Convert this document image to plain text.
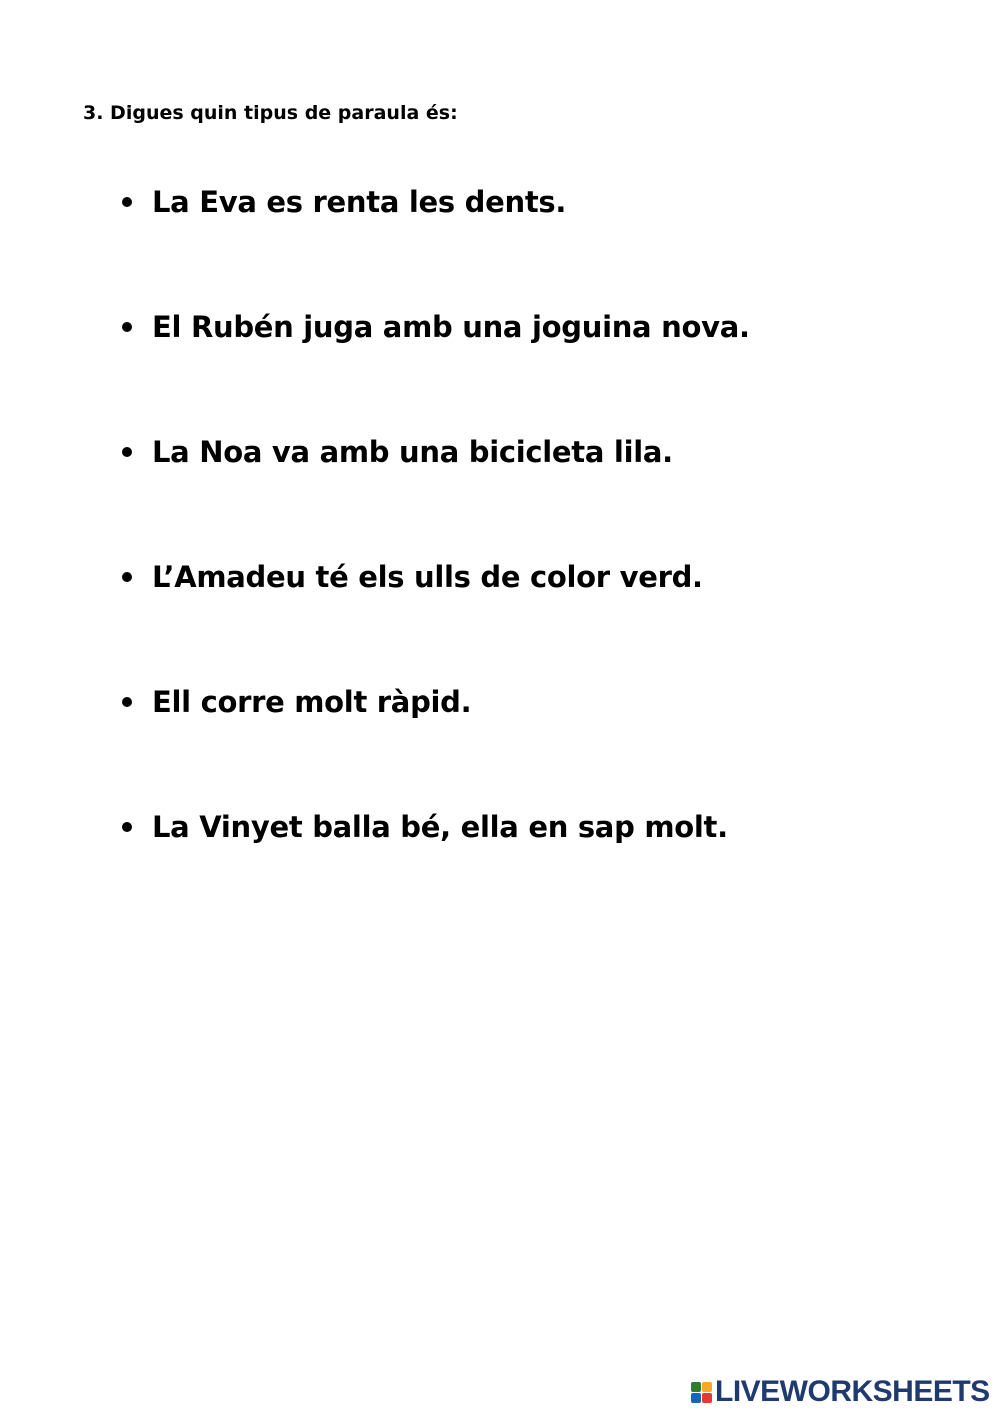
3. Digues quin tipus de paraula és:
La Eva es renta les dents.
El Rubén juga amb una joguina nova.
La Noa va amb una bicicleta lila.
L’Amadeu té els ulls de color verd.
Ell corre molt ràpid.
La Vinyet balla bé, ella en sap molt.
LIVEWORKSHEETS
